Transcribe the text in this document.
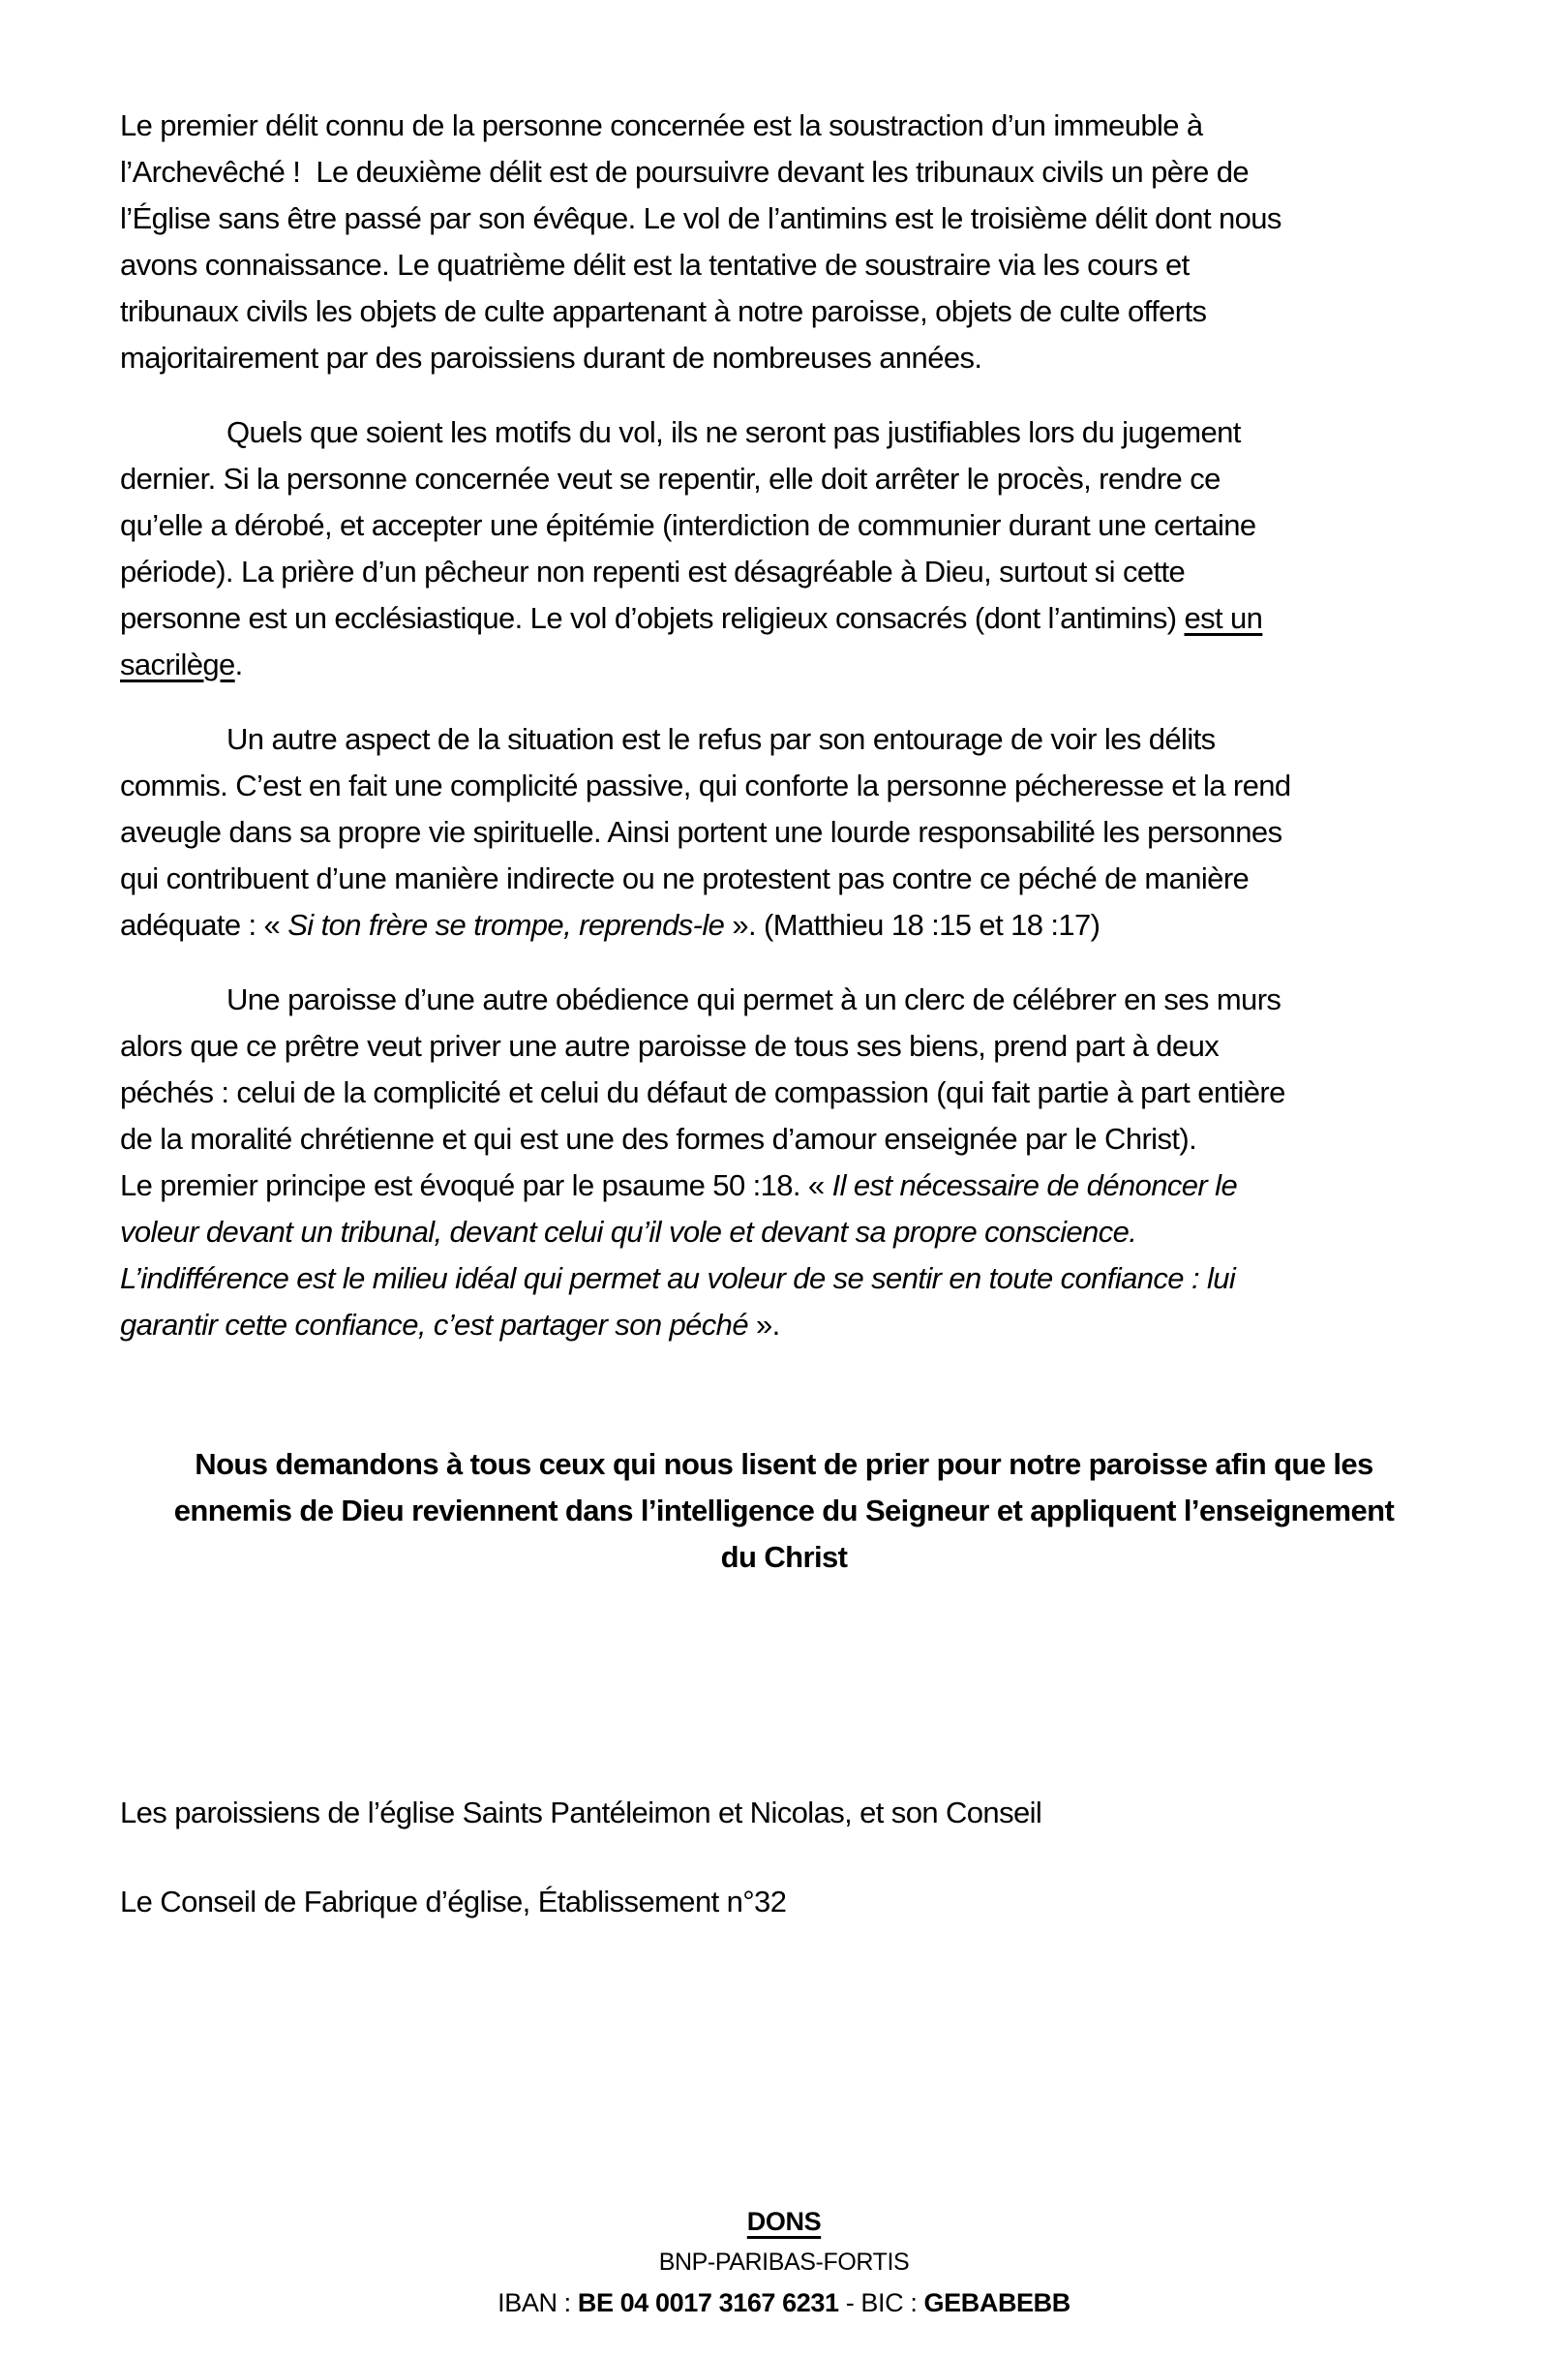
Le premier délit connu de la personne concernée est la soustraction d’un immeuble à
l’Archevêché !  Le deuxième délit est de poursuivre devant les tribunaux civils un père de
l’Église sans être passé par son évêque. Le vol de l’antimins est le troisième délit dont nous
avons connaissance. Le quatrième délit est la tentative de soustraire via les cours et
tribunaux civils les objets de culte appartenant à notre paroisse, objets de culte offerts
majoritairement par des paroissiens durant de nombreuses années.
Quels que soient les motifs du vol, ils ne seront pas justifiables lors du jugement
dernier. Si la personne concernée veut se repentir, elle doit arrêter le procès, rendre ce
qu’elle a dérobé, et accepter une épitémie (interdiction de communier durant une certaine
période). La prière d’un pêcheur non repenti est désagréable à Dieu, surtout si cette
personne est un ecclésiastique. Le vol d’objets religieux consacrés (dont l’antimins) est un
sacrilège.
Un autre aspect de la situation est le refus par son entourage de voir les délits
commis. C’est en fait une complicité passive, qui conforte la personne pécheresse et la rend
aveugle dans sa propre vie spirituelle. Ainsi portent une lourde responsabilité les personnes
qui contribuent d’une manière indirecte ou ne protestent pas contre ce péché de manière
adéquate : « Si ton frère se trompe, reprends-le ». (Matthieu 18 :15 et 18 :17)
Une paroisse d’une autre obédience qui permet à un clerc de célébrer en ses murs
alors que ce prêtre veut priver une autre paroisse de tous ses biens, prend part à deux
péchés : celui de la complicité et celui du défaut de compassion (qui fait partie à part entière
de la moralité chrétienne et qui est une des formes d’amour enseignée par le Christ).
Le premier principe est évoqué par le psaume 50 :18. « Il est nécessaire de dénoncer le
voleur devant un tribunal, devant celui qu’il vole et devant sa propre conscience.
L’indifférence est le milieu idéal qui permet au voleur de se sentir en toute confiance : lui
garantir cette confiance, c’est partager son péché ».
Nous demandons à tous ceux qui nous lisent de prier pour notre paroisse afin que les
ennemis de Dieu reviennent dans l’intelligence du Seigneur et appliquent l’enseignement
du Christ
Les paroissiens de l’église Saints Pantéleimon et Nicolas, et son Conseil
Le Conseil de Fabrique d’église, Établissement n°32
DONS
BNP-PARIBAS-FORTIS
IBAN : BE 04 0017 3167 6231 - BIC : GEBABEBB
